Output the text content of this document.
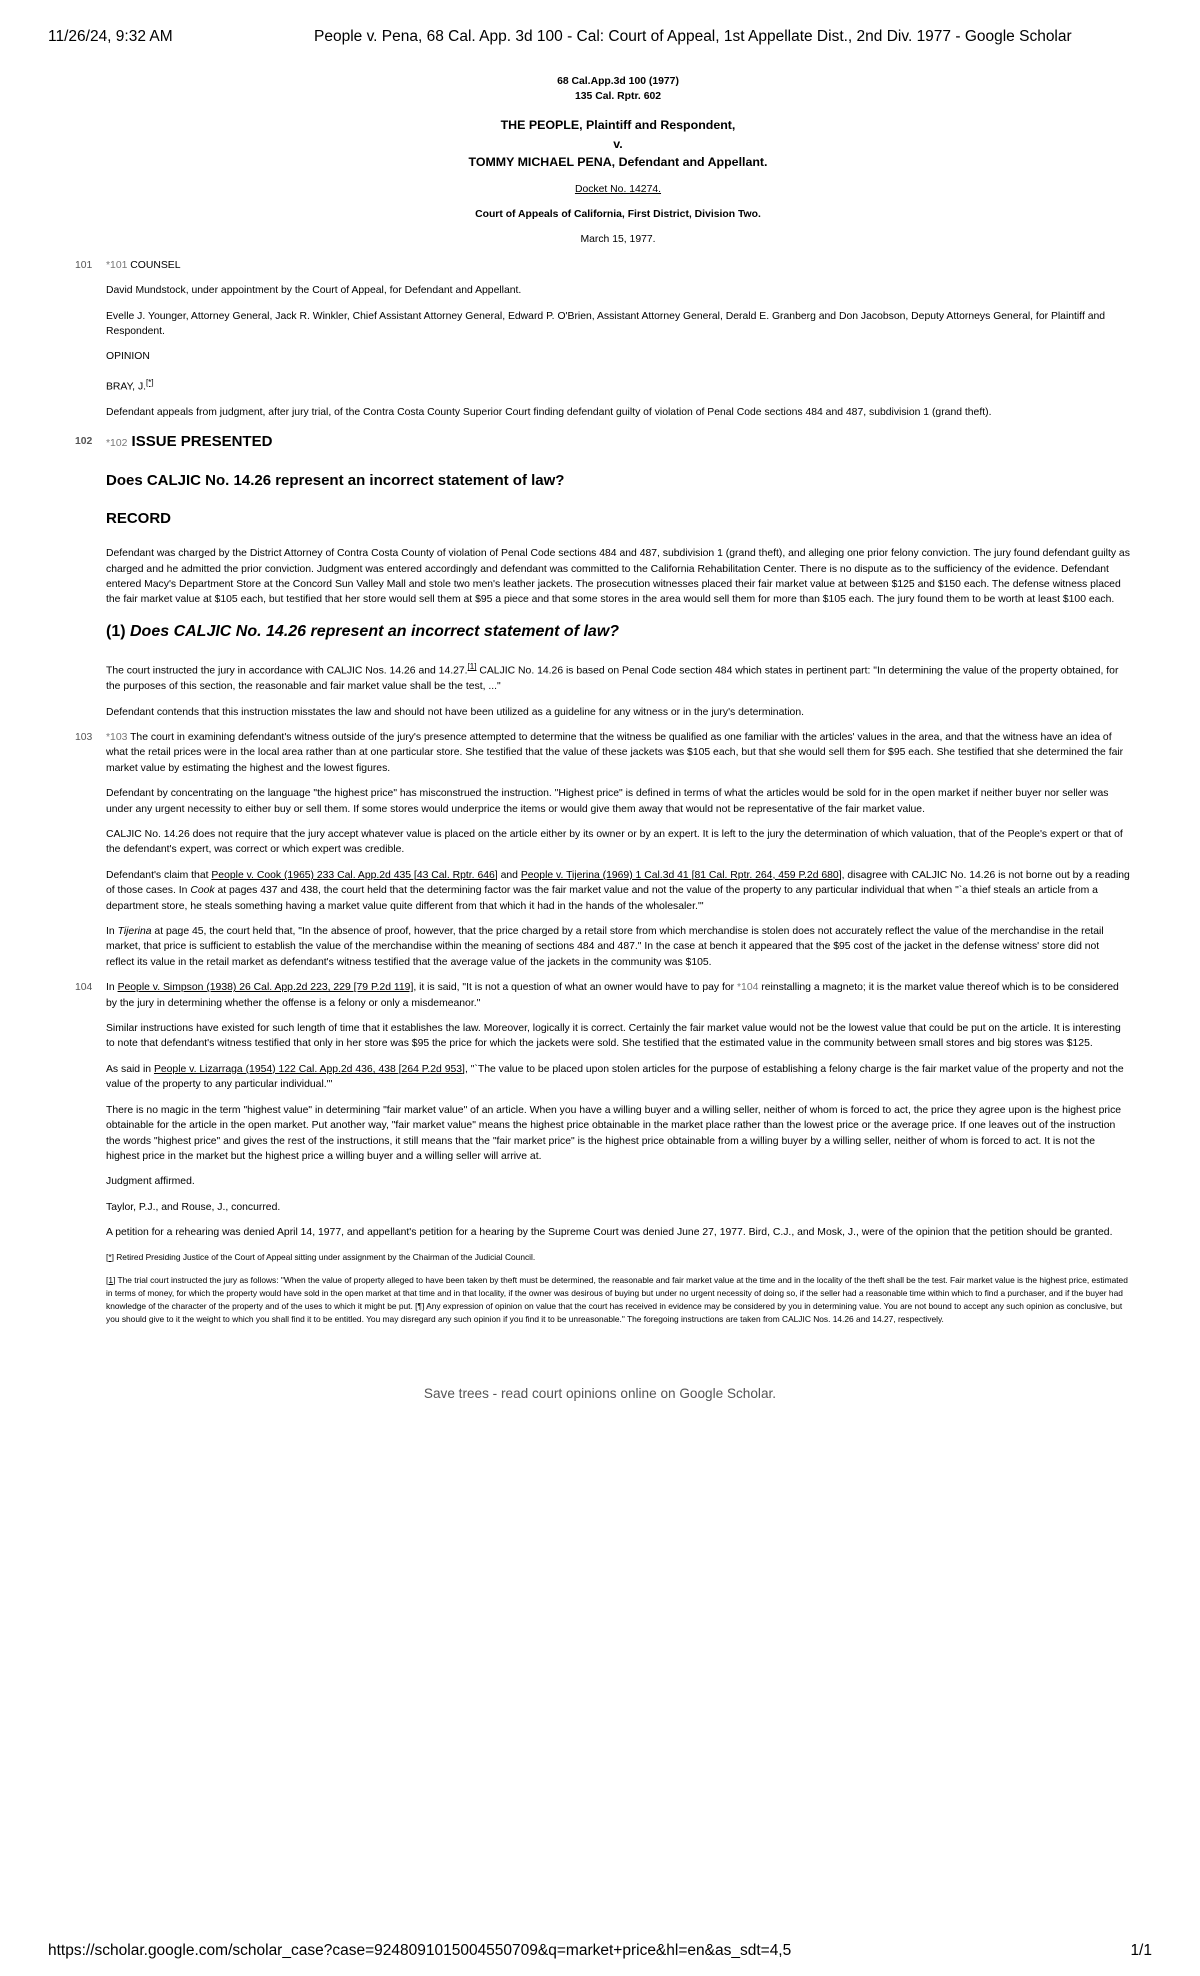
11/26/24, 9:32 AM	People v. Pena, 68 Cal. App. 3d 100 - Cal: Court of Appeal, 1st Appellate Dist., 2nd Div. 1977 - Google Scholar
68 Cal.App.3d 100 (1977)
135 Cal. Rptr. 602
THE PEOPLE, Plaintiff and Respondent,
v.
TOMMY MICHAEL PENA, Defendant and Appellant.
Docket No. 14274.
Court of Appeals of California, First District, Division Two.
March 15, 1977.

101 *101 COUNSEL

David Mundstock, under appointment by the Court of Appeal, for Defendant and Appellant.

Evelle J. Younger, Attorney General, Jack R. Winkler, Chief Assistant Attorney General, Edward P. O'Brien, Assistant Attorney General, Derald E. Granberg and Don Jacobson, Deputy Attorneys General, for Plaintiff and Respondent.

OPINION

BRAY, J.[*]

Defendant appeals from judgment, after jury trial, of the Contra Costa County Superior Court finding defendant guilty of violation of Penal Code sections 484 and 487, subdivision 1 (grand theft).

102 *102 ISSUE PRESENTED
Does CALJIC No. 14.26 represent an incorrect statement of law?
RECORD

Defendant was charged by the District Attorney of Contra Costa County of violation of Penal Code sections 484 and 487, subdivision 1 (grand theft), and alleging one prior felony conviction. The jury found defendant guilty as charged and he admitted the prior conviction. Judgment was entered accordingly and defendant was committed to the California Rehabilitation Center. There is no dispute as to the sufficiency of the evidence. Defendant entered Macy's Department Store at the Concord Sun Valley Mall and stole two men's leather jackets. The prosecution witnesses placed their fair market value at between $125 and $150 each. The defense witness placed the fair market value at $105 each, but testified that her store would sell them at $95 a piece and that some stores in the area would sell them for more than $105 each. The jury found them to be worth at least $100 each.

(1) Does CALJIC No. 14.26 represent an incorrect statement of law?

The court instructed the jury in accordance with CALJIC Nos. 14.26 and 14.27.[1] CALJIC No. 14.26 is based on Penal Code section 484 which states in pertinent part: "In determining the value of the property obtained, for the purposes of this section, the reasonable and fair market value shall be the test, ..."

Defendant contends that this instruction misstates the law and should not have been utilized as a guideline for any witness or in the jury's determination.

103 *103 The court in examining defendant's witness outside of the jury's presence attempted to determine that the witness be qualified as one familiar with the articles' values in the area, and that the witness have an idea of what the retail prices were in the local area rather than at one particular store. She testified that the value of these jackets was $105 each, but that she would sell them for $95 each. She testified that she determined the fair market value by estimating the highest and the lowest figures.

Defendant by concentrating on the language "the highest price" has misconstrued the instruction. "Highest price" is defined in terms of what the articles would be sold for in the open market if neither buyer nor seller was under any urgent necessity to either buy or sell them. If some stores would underprice the items or would give them away that would not be representative of the fair market value.

CALJIC No. 14.26 does not require that the jury accept whatever value is placed on the article either by its owner or by an expert. It is left to the jury the determination of which valuation, that of the People's expert or that of the defendant's expert, was correct or which expert was credible.

Defendant's claim that People v. Cook (1965) 233 Cal. App.2d 435 [43 Cal. Rptr. 646] and People v. Tijerina (1969) 1 Cal.3d 41 [81 Cal. Rptr. 264, 459 P.2d 680], disagree with CALJIC No. 14.26 is not borne out by a reading of those cases. In Cook at pages 437 and 438, the court held that the determining factor was the fair market value and not the value of the property to any particular individual that when "`a thief steals an article from a department store, he steals something having a market value quite different from that which it had in the hands of the wholesaler.'"

In Tijerina at page 45, the court held that, "In the absence of proof, however, that the price charged by a retail store from which merchandise is stolen does not accurately reflect the value of the merchandise in the retail market, that price is sufficient to establish the value of the merchandise within the meaning of sections 484 and 487." In the case at bench it appeared that the $95 cost of the jacket in the defense witness' store did not reflect its value in the retail market as defendant's witness testified that the average value of the jackets in the community was $105.

104 In People v. Simpson (1938) 26 Cal. App.2d 223, 229 [79 P.2d 119], it is said, "It is not a question of what an owner would have to pay for *104 reinstalling a magneto; it is the market value thereof which is to be considered by the jury in determining whether the offense is a felony or only a misdemeanor."

Similar instructions have existed for such length of time that it establishes the law. Moreover, logically it is correct. Certainly the fair market value would not be the lowest value that could be put on the article. It is interesting to note that defendant's witness testified that only in her store was $95 the price for which the jackets were sold. She testified that the estimated value in the community between small stores and big stores was $125.

As said in People v. Lizarraga (1954) 122 Cal. App.2d 436, 438 [264 P.2d 953], "`The value to be placed upon stolen articles for the purpose of establishing a felony charge is the fair market value of the property and not the value of the property to any particular individual.'"

There is no magic in the term "highest value" in determining "fair market value" of an article. When you have a willing buyer and a willing seller, neither of whom is forced to act, the price they agree upon is the highest price obtainable for the article in the open market. Put another way, "fair market value" means the highest price obtainable in the market place rather than the lowest price or the average price. If one leaves out of the instruction the words "highest price" and gives the rest of the instructions, it still means that the "fair market price" is the highest price obtainable from a willing buyer by a willing seller, neither of whom is forced to act. It is not the highest price in the market but the highest price a willing buyer and a willing seller will arrive at.

Judgment affirmed.

Taylor, P.J., and Rouse, J., concurred.

A petition for a rehearing was denied April 14, 1977, and appellant's petition for a hearing by the Supreme Court was denied June 27, 1977. Bird, C.J., and Mosk, J., were of the opinion that the petition should be granted.

[*] Retired Presiding Justice of the Court of Appeal sitting under assignment by the Chairman of the Judicial Council.

[1] The trial court instructed the jury as follows: "When the value of property alleged to have been taken by theft must be determined, the reasonable and fair market value at the time and in the locality of the theft shall be the test. Fair market value is the highest price, estimated in terms of money, for which the property would have sold in the open market at that time and in that locality, if the owner was desirous of buying but under no urgent necessity of doing so, if the seller had a reasonable time within which to find a purchaser, and if the buyer had knowledge of the character of the property and of the uses to which it might be put. [¶] Any expression of opinion on value that the court has received in evidence may be considered by you in determining value. You are not bound to accept any such opinion as conclusive, but you should give to it the weight to which you shall find it to be entitled. You may disregard any such opinion if you find it to be unreasonable." The foregoing instructions are taken from CALJIC Nos. 14.26 and 14.27, respectively.

Save trees - read court opinions online on Google Scholar.
https://scholar.google.com/scholar_case?case=9248091015004550709&q=market+price&hl=en&as_sdt=4,5	1/1
